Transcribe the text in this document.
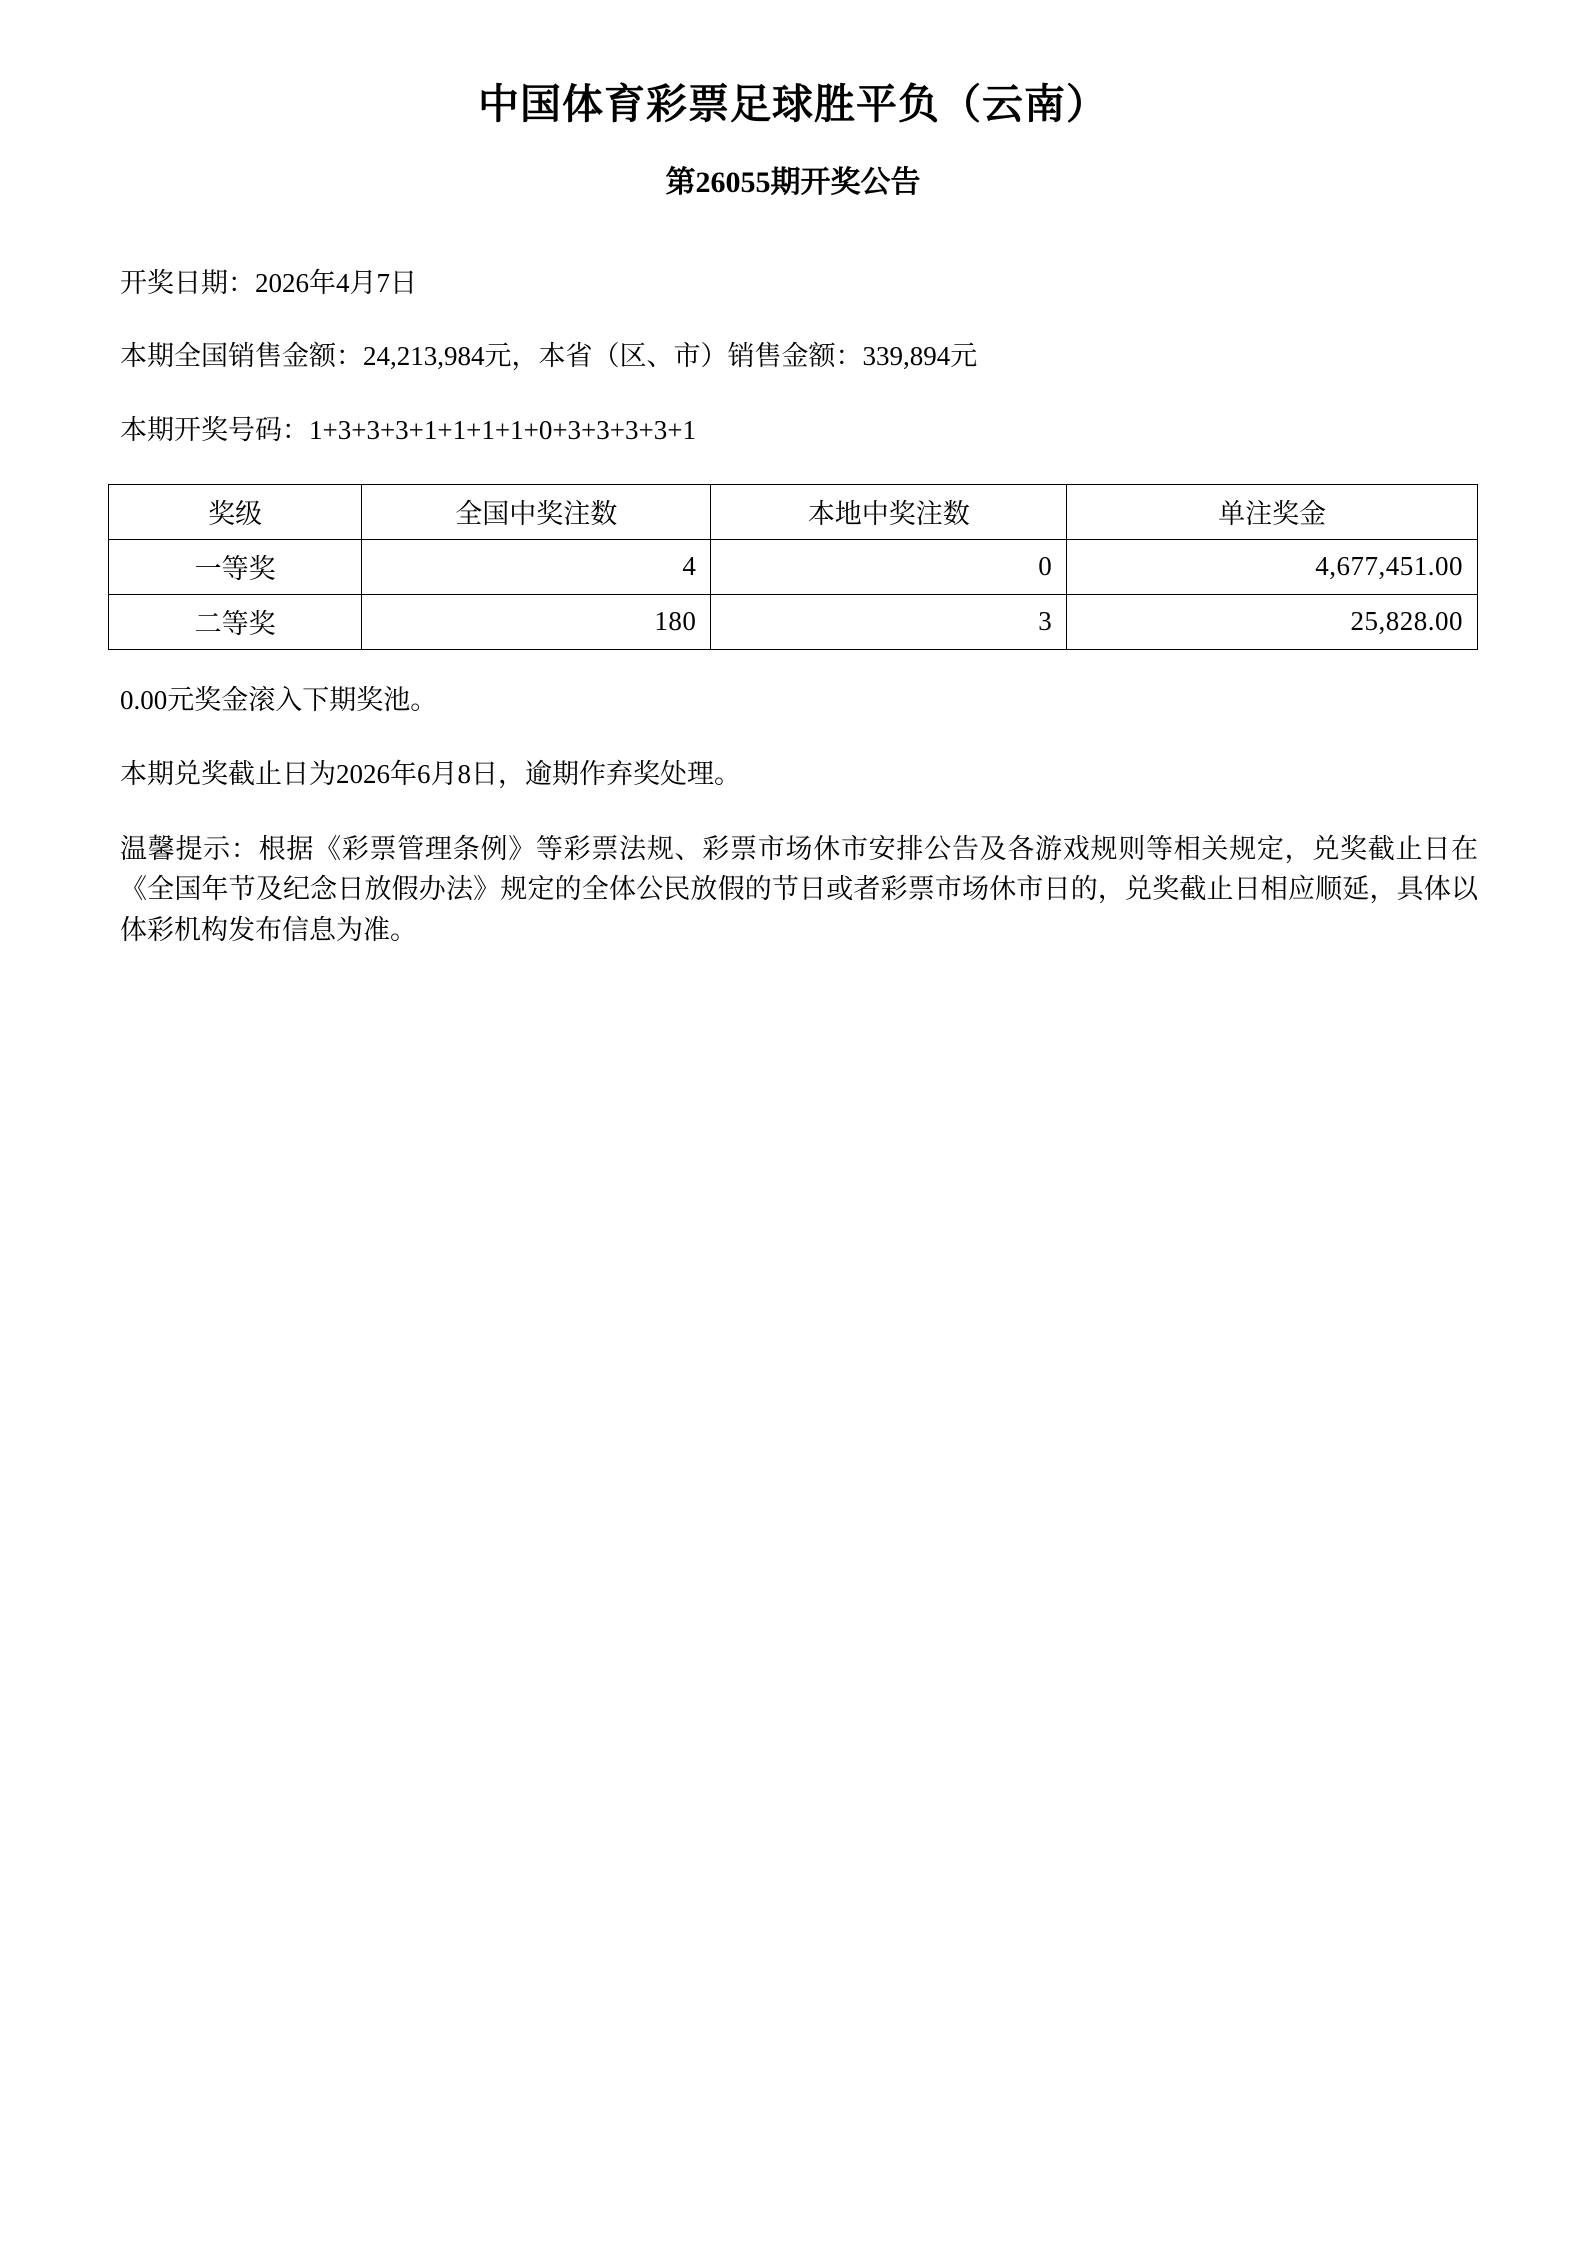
中国体育彩票足球胜平负（云南）
第26055期开奖公告

开奖日期：2026年4月7日

本期全国销售金额：24,213,984元，本省（区、市）销售金额：339,894元

本期开奖号码：1+3+3+3+1+1+1+1+0+3+3+3+3+1

奖级	全国中奖注数	本地中奖注数	单注奖金
一等奖	4	0	4,677,451.00
二等奖	180	3	25,828.00

0.00元奖金滚入下期奖池。

本期兑奖截止日为2026年6月8日，逾期作弃奖处理。

温馨提示：根据《彩票管理条例》等彩票法规、彩票市场休市安排公告及各游戏规则等相关规定，兑奖截止日在《全国年节及纪念日放假办法》规定的全体公民放假的节日或者彩票市场休市日的，兑奖截止日相应顺延，具体以体彩机构发布信息为准。
